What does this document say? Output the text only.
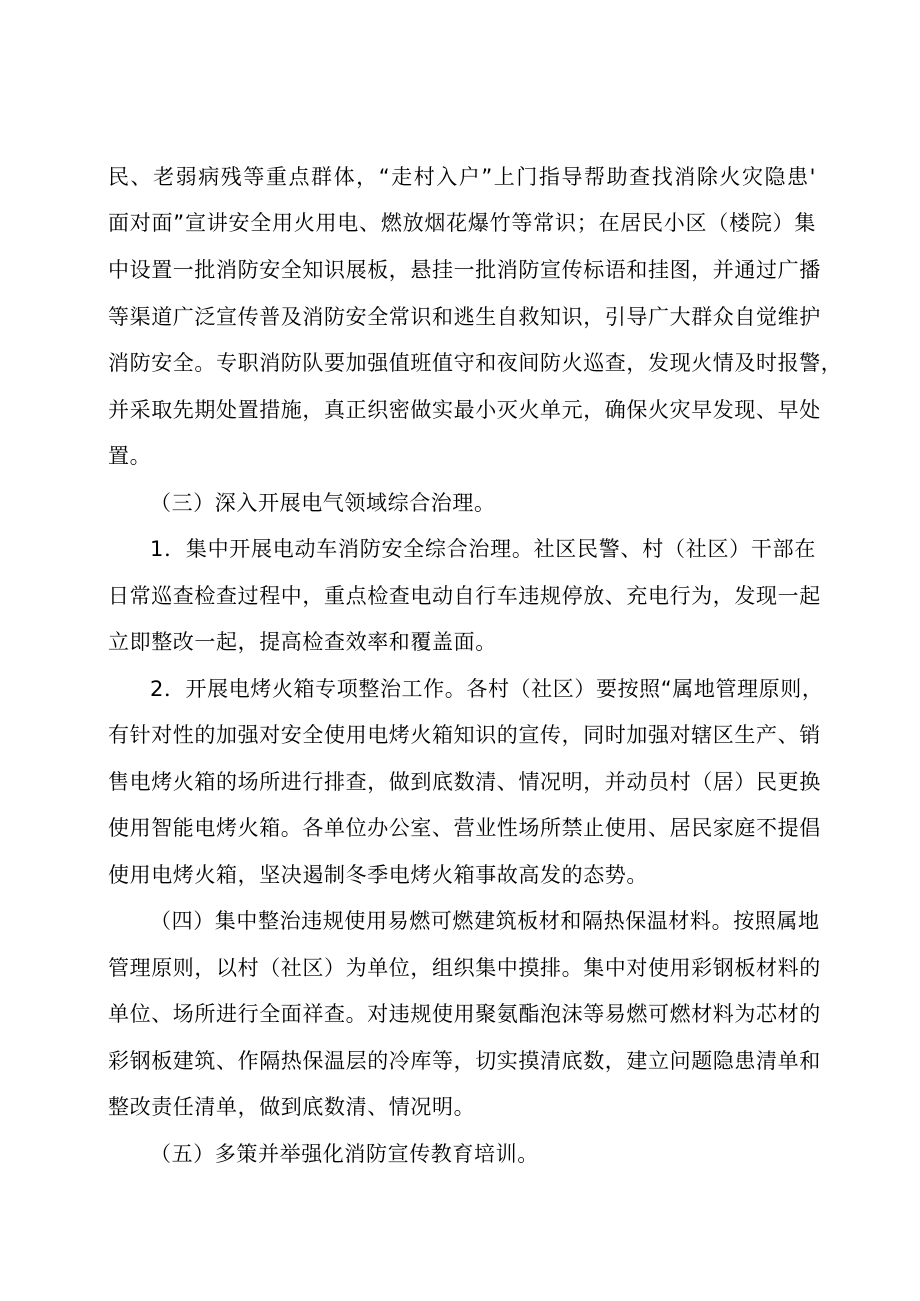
民、老弱病残等重点群体，“走村入户”上门指导帮助查找消除火灾隐患'
面对面”宣讲安全用火用电、燃放烟花爆竹等常识；在居民小区（楼院）集
中设置一批消防安全知识展板，悬挂一批消防宣传标语和挂图，并通过广播
等渠道广泛宣传普及消防安全常识和逃生自救知识，引导广大群众自觉维护
消防安全。专职消防队要加强值班值守和夜间防火巡查，发现火情及时报警，
并采取先期处置措施，真正织密做实最小灭火单元，确保火灾早发现、早处
置。
（三）深入开展电气领域综合治理。
1．集中开展电动车消防安全综合治理。社区民警、村（社区）干部在
日常巡查检查过程中，重点检查电动自行车违规停放、充电行为，发现一起
立即整改一起，提高检查效率和覆盖面。
2．开展电烤火箱专项整治工作。各村（社区）要按照“属地管理原则，
有针对性的加强对安全使用电烤火箱知识的宣传，同时加强对辖区生产、销
售电烤火箱的场所进行排查，做到底数清、情况明，并动员村（居）民更换
使用智能电烤火箱。各单位办公室、营业性场所禁止使用、居民家庭不提倡
使用电烤火箱，坚决遏制冬季电烤火箱事故高发的态势。
（四）集中整治违规使用易燃可燃建筑板材和隔热保温材料。按照属地
管理原则，以村（社区）为单位，组织集中摸排。集中对使用彩钢板材料的
单位、场所进行全面祥查。对违规使用聚氨酯泡沫等易燃可燃材料为芯材的
彩钢板建筑、作隔热保温层的冷库等，切实摸清底数，建立问题隐患清单和
整改责任清单，做到底数清、情况明。
（五）多策并举强化消防宣传教育培训。
